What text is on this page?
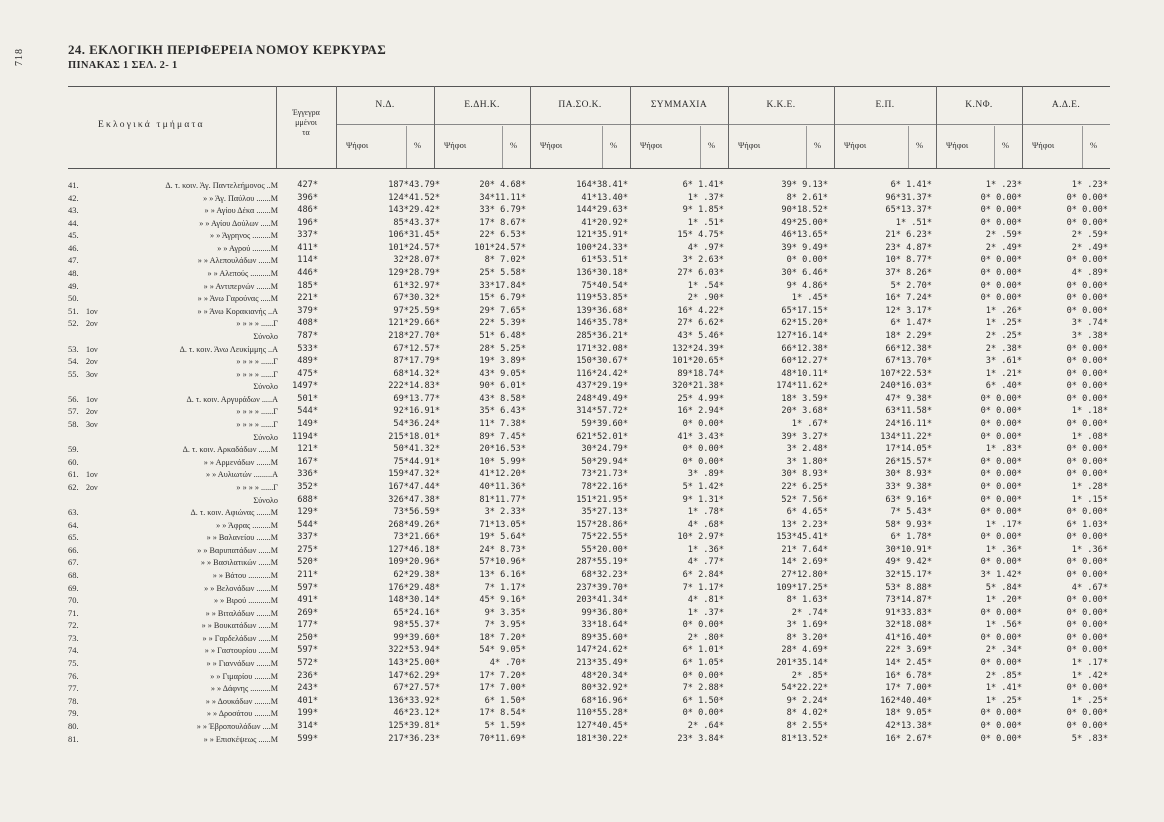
718	24. ΕΚΛΟΓΙΚΗ ΠΕΡΙΦΕΡΕΙΑ ΝΟΜΟΥ ΚΕΡΚΥΡΑΣ
ΠΙΝΑΚΑΣ 1 ΣΕΛ. 2- 1
Εκλογικά τμήματα
Έγγεγρα
μμένοι
τα
Ν.Δ.	Ε.ΔΗ.Κ.	ΠΑ.ΣΟ.Κ.	ΣΥΜΜΑΧΙΑ	Κ.Κ.Ε.	Ε.Π.	Κ.ΝΦ.	Α.Δ.Ε.
Ψήφοι	%	Ψήφοι	%	Ψήφοι	%	Ψήφοι	%	Ψήφοι	%	Ψήφοι	%	Ψήφοι	%	Ψήφοι	%
41.	Δ. τ. κοιν. Άγ. Παντελεήμονος ..Μ	427*	187*43.79*	20* 4.68*	164*38.41*	6* 1.41*	39* 9.13*	6* 1.41*	1* .23*	1* .23*
42.	» » Άγ. Παύλου .......Μ	396*	124*41.52*	34*11.11*	41*13.40*	1* .37*	8* 2.61*	96*31.37*	0* 0.00*	0* 0.00*
43.	» » Αγίου Δέκα .......Μ	486*	143*29.42*	33* 6.79*	144*29.63*	9* 1.85*	90*18.52*	65*13.37*	0* 0.00*	0* 0.00*
44.	» » Αγίου Δούλων .....Μ	196*	85*43.37*	17* 8.67*	41*20.92*	1* .51*	49*25.00*	1* .51*	0* 0.00*	0* 0.00*
45.	» » Άγρηνος .........Μ	337*	106*31.45*	22* 6.53*	121*35.91*	15* 4.75*	46*13.65*	21* 6.23*	2* .59*	2* .59*
46.	» » Αγρού .........Μ	411*	101*24.57*	101*24.57*	100*24.33*	4* .97*	39* 9.49*	23* 4.87*	2* .49*	2* .49*
47.	» » Αλεπουλάδων ......Μ	114*	32*28.07*	8* 7.02*	61*53.51*	3* 2.63*	0* 0.00*	10* 8.77*	0* 0.00*	0* 0.00*
48.	» » Αλεπούς ..........Μ	446*	129*28.79*	25* 5.58*	136*30.18*	27* 6.03*	30* 6.46*	37* 8.26*	0* 0.00*	4* .89*
49.	» » Αντιπερνών .......Μ	185*	61*32.97*	33*17.84*	75*40.54*	1* .54*	9* 4.86*	5* 2.70*	0* 0.00*	0* 0.00*
50.	» » Άνω Γαρούνας .....Μ	221*	67*30.32*	15* 6.79*	119*53.85*	2* .90*	1* .45*	16* 7.24*	0* 0.00*	0* 0.00*
51. 1ον	» » Άνω Κορακιανής ..Α	379*	97*25.59*	29* 7.65*	139*36.68*	16* 4.22*	65*17.15*	12* 3.17*	1* .26*	0* 0.00*
52. 2ον	» » » » ......Γ	408*	121*29.66*	22* 5.39*	146*35.78*	27* 6.62*	62*15.20*	6* 1.47*	1* .25*	3* .74*
Σύνολο	787*	218*27.70*	51* 6.48*	285*36.21*	43* 5.46*	127*16.14*	18* 2.29*	2* .25*	3* .38*
53. 1ον	Δ. τ. κοιν. Άνω Λευκίμμης ..Α	533*	67*12.57*	28* 5.25*	171*32.08*	132*24.39*	66*12.38*	66*12.38*	2* .38*	0* 0.00*
54. 2ον	» » » » ......Γ	489*	87*17.79*	19* 3.89*	150*30.67*	101*20.65*	60*12.27*	67*13.70*	3* .61*	0* 0.00*
55. 3ον	» » » » ......Γ	475*	68*14.32*	43* 9.05*	116*24.42*	89*18.74*	48*10.11*	107*22.53*	1* .21*	0* 0.00*
Σύνολο	1497*	222*14.83*	90* 6.01*	437*29.19*	320*21.38*	174*11.62*	240*16.03*	6* .40*	0* 0.00*
56. 1ον	Δ. τ. κοιν. Αργυράδων .....Α	501*	69*13.77*	43* 8.58*	248*49.49*	25* 4.99*	18* 3.59*	47* 9.38*	0* 0.00*	0* 0.00*
57. 2ον	» » » » ......Γ	544*	92*16.91*	35* 6.43*	314*57.72*	16* 2.94*	20* 3.68*	63*11.58*	0* 0.00*	1* .18*
58. 3ον	» » » » ......Γ	149*	54*36.24*	11* 7.38*	59*39.60*	0* 0.00*	1* .67*	24*16.11*	0* 0.00*	0* 0.00*
Σύνολο	1194*	215*18.01*	89* 7.45*	621*52.01*	41* 3.43*	39* 3.27*	134*11.22*	0* 0.00*	1* .08*
59.	Δ. τ. κοιν. Αρκαδάδων ......Μ	121*	50*41.32*	20*16.53*	30*24.79*	0* 0.00*	3* 2.48*	17*14.05*	1* .83*	0* 0.00*
60.	» » Αρμενάδων .......Μ	167*	75*44.91*	10* 5.99*	50*29.94*	0* 0.00*	3* 1.80*	26*15.57*	0* 0.00*	0* 0.00*
61. 1ον	» » Αυλιωτών .........Α	336*	159*47.32*	41*12.20*	73*21.73*	3* .89*	30* 8.93*	30* 8.93*	0* 0.00*	0* 0.00*
62. 2ον	» » » » ......Γ	352*	167*47.44*	40*11.36*	78*22.16*	5* 1.42*	22* 6.25*	33* 9.38*	0* 0.00*	1* .28*
Σύνολο	688*	326*47.38*	81*11.77*	151*21.95*	9* 1.31*	52* 7.56*	63* 9.16*	0* 0.00*	1* .15*
63.	Δ. τ. κοιν. Αφιώνας .......Μ	129*	73*56.59*	3* 2.33*	35*27.13*	1* .78*	6* 4.65*	7* 5.43*	0* 0.00*	0* 0.00*
64.	» » Άφρας .........Μ	544*	268*49.26*	71*13.05*	157*28.86*	4* .68*	13* 2.23*	58* 9.93*	1* .17*	6* 1.03*
65.	» » Βαλανείου .......Μ	337*	73*21.66*	19* 5.64*	75*22.55*	10* 2.97*	153*45.41*	6* 1.78*	0* 0.00*	0* 0.00*
66.	» » Βαρυπατάδων ......Μ	275*	127*46.18*	24* 8.73*	55*20.00*	1* .36*	21* 7.64*	30*10.91*	1* .36*	1* .36*
67.	» » Βασιλατικών ......Μ	520*	109*20.96*	57*10.96*	287*55.19*	4* .77*	14* 2.69*	49* 9.42*	0* 0.00*	0* 0.00*
68.	» » Βάτου ...........Μ	211*	62*29.38*	13* 6.16*	68*32.23*	6* 2.84*	27*12.80*	32*15.17*	3* 1.42*	0* 0.00*
69.	» » Βελονάδων .......Μ	597*	176*29.48*	7* 1.17*	237*39.70*	7* 1.17*	109*17.25*	53* 8.88*	5* .84*	4* .67*
70.	» » Βιρού ...........Μ	491*	148*30.14*	45* 9.16*	203*41.34*	4* .81*	8* 1.63*	73*14.87*	1* .20*	0* 0.00*
71.	» » Βιταλάδων .......Μ	269*	65*24.16*	9* 3.35*	99*36.80*	1* .37*	2* .74*	91*33.83*	0* 0.00*	0* 0.00*
72.	» » Βουκατάδων ......Μ	177*	98*55.37*	7* 3.95*	33*18.64*	0* 0.00*	3* 1.69*	32*18.08*	1* .56*	0* 0.00*
73.	» » Γαρδελάδων ......Μ	250*	99*39.60*	18* 7.20*	89*35.60*	2* .80*	8* 3.20*	41*16.40*	0* 0.00*	0* 0.00*
74.	» » Γαστουρίου ......Μ	597*	322*53.94*	54* 9.05*	147*24.62*	6* 1.01*	28* 4.69*	22* 3.69*	2* .34*	0* 0.00*
75.	» » Γιαννάδων .......Μ	572*	143*25.00*	4* .70*	213*35.49*	6* 1.05*	201*35.14*	14* 2.45*	0* 0.00*	1* .17*
76.	» » Γιμαρίου ........Μ	236*	147*62.29*	17* 7.20*	48*20.34*	0* 0.00*	2* .85*	16* 6.78*	2* .85*	1* .42*
77.	» » Δάφνης ..........Μ	243*	67*27.57*	17* 7.00*	80*32.92*	7* 2.88*	54*22.22*	17* 7.00*	1* .41*	0* 0.00*
78.	» » Δουκάδων ........Μ	401*	136*33.92*	6* 1.50*	68*16.96*	6* 1.50*	9* 2.24*	162*40.40*	1* .25*	1* .25*
79.	» » Δροσάτου ........Μ	199*	46*23.12*	17* 8.54*	110*55.28*	0* 0.00*	8* 4.02*	18* 9.05*	0* 0.00*	0* 0.00*
80.	» » Έβροπουλάδων ....Μ	314*	125*39.81*	5* 1.59*	127*40.45*	2* .64*	8* 2.55*	42*13.38*	0* 0.00*	0* 0.00*
81.	» » Επισκέψεως ......Μ	599*	217*36.23*	70*11.69*	181*30.22*	23* 3.84*	81*13.52*	16* 2.67*	0* 0.00*	5* .83*
